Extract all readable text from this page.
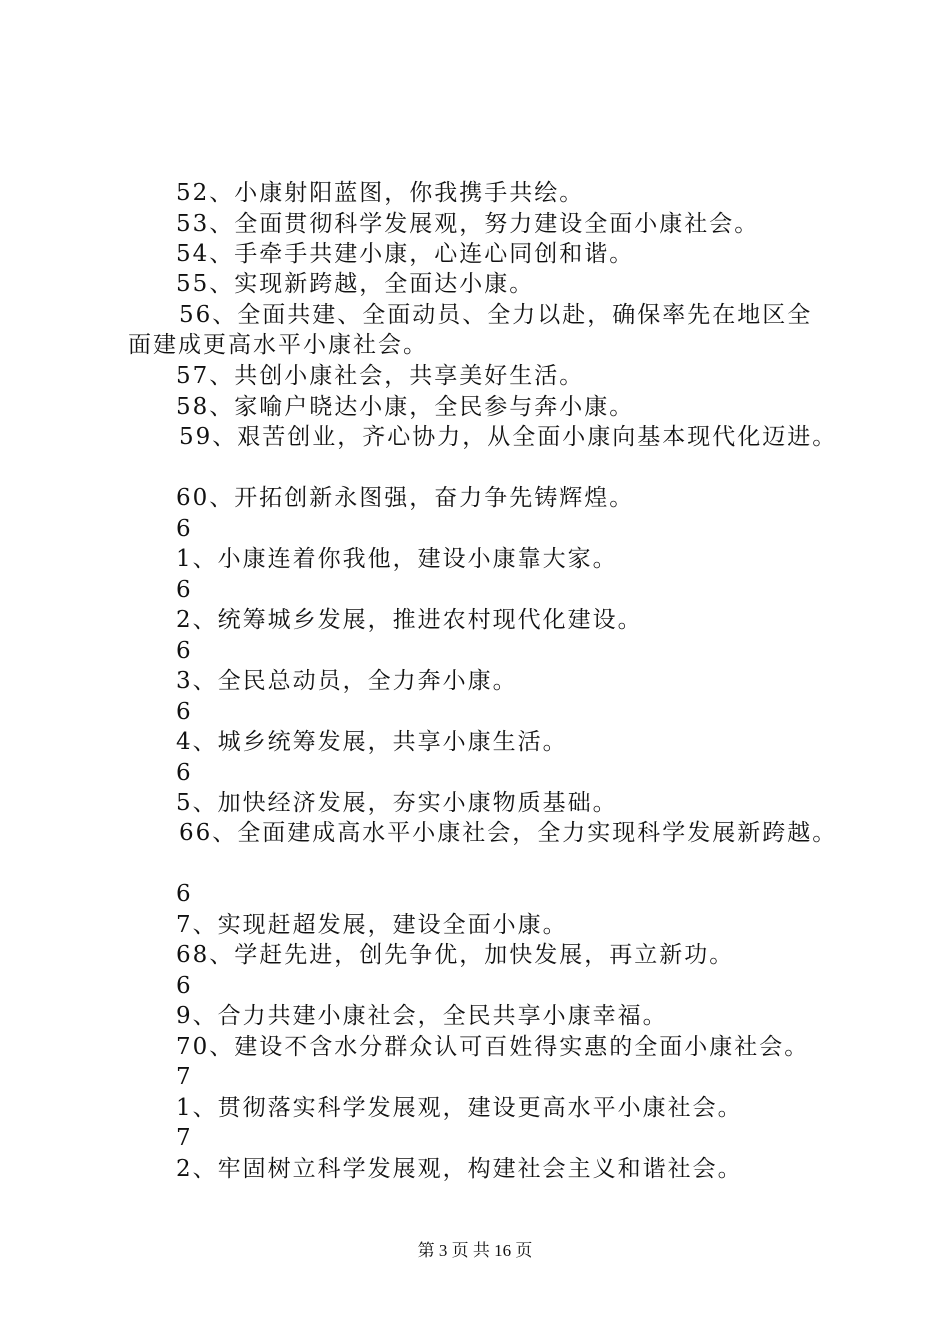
52、小康射阳蓝图，你我携手共绘。
53、全面贯彻科学发展观，努力建设全面小康社会。
54、手牵手共建小康，心连心同创和谐。
55、实现新跨越，全面达小康。
56、全面共建、全面动员、全力以赴，确保率先在地区全
面建成更高水平小康社会。
57、共创小康社会，共享美好生活。
58、家喻户晓达小康，全民参与奔小康。
59、艰苦创业，齐心协力，从全面小康向基本现代化迈进。
60、开拓创新永图强，奋力争先铸辉煌。
6
1、小康连着你我他，建设小康靠大家。
6
2、统筹城乡发展，推进农村现代化建设。
6
3、全民总动员，全力奔小康。
6
4、城乡统筹发展，共享小康生活。
6
5、加快经济发展，夯实小康物质基础。
66、全面建成高水平小康社会，全力实现科学发展新跨越。
6
7、实现赶超发展，建设全面小康。
68、学赶先进，创先争优，加快发展，再立新功。
6
9、合力共建小康社会，全民共享小康幸福。
70、建设不含水分群众认可百姓得实惠的全面小康社会。
7
1、贯彻落实科学发展观，建设更高水平小康社会。
7
2、牢固树立科学发展观，构建社会主义和谐社会。
第 3 页 共 16 页
